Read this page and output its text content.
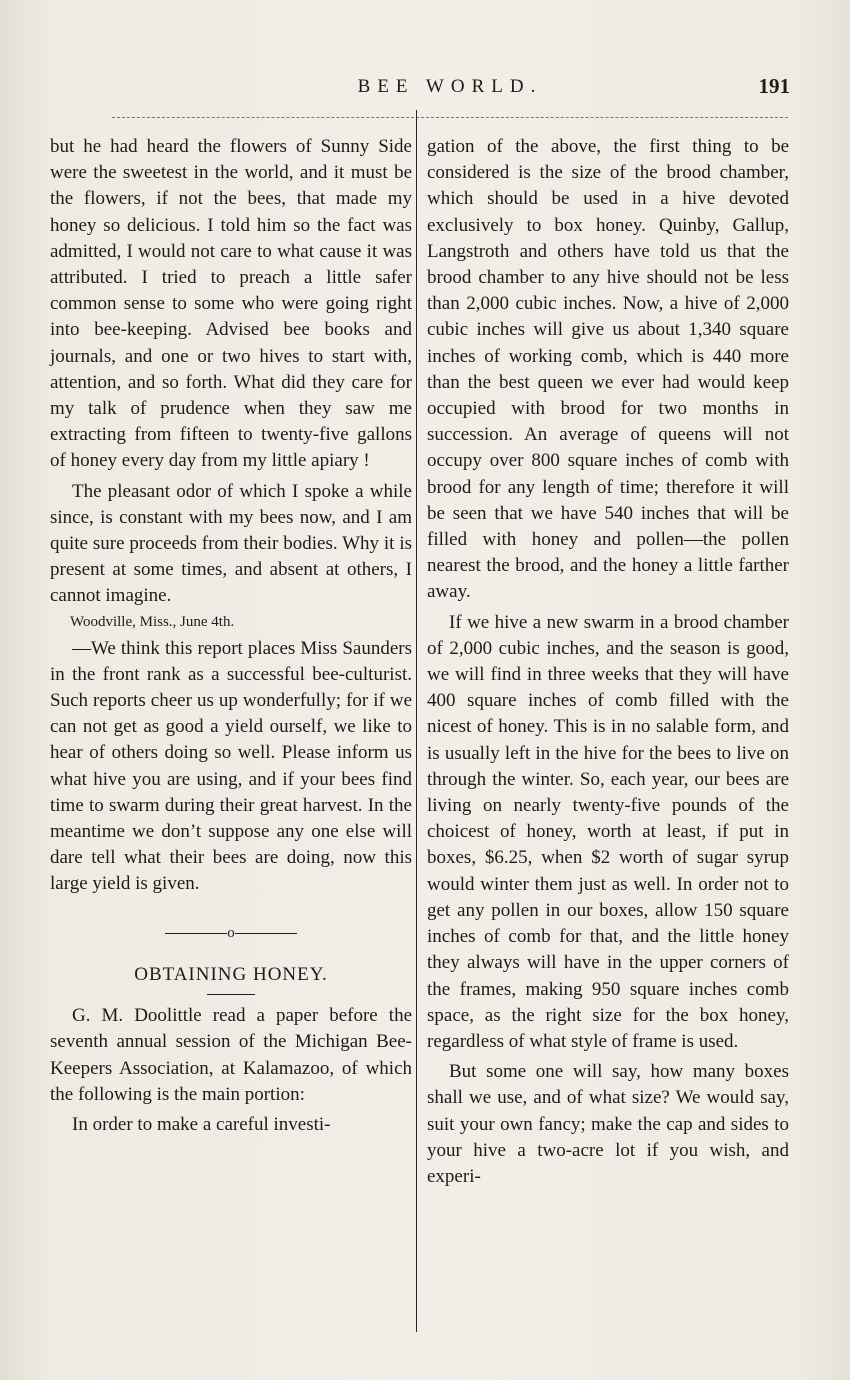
BEE WORLD.	191

but he had heard the flowers of Sunny Side were the sweetest in the world, and it must be the flowers, if not the bees, that made my honey so delicious. I told him so the fact was admitted, I would not care to what cause it was attributed. I tried to preach a little safer common sense to some who were going right into bee-keeping. Advised bee books and journals, and one or two hives to start with, attention, and so forth. What did they care for my talk of prudence when they saw me extracting from fifteen to twenty-five gallons of honey every day from my little apiary !

The pleasant odor of which I spoke a while since, is constant with my bees now, and I am quite sure proceeds from their bodies. Why it is present at some times, and absent at others, I cannot imagine.

Woodville, Miss., June 4th.

—We think this report places Miss Saunders in the front rank as a successful bee-culturist. Such reports cheer us up wonderfully; for if we can not get as good a yield ourself, we like to hear of others doing so well. Please inform us what hive you are using, and if your bees find time to swarm during their great harvest. In the meantime we don’t suppose any one else will dare tell what their bees are doing, now this large yield is given.

o
OBTAINING HONEY.

G. M. Doolittle read a paper before the seventh annual session of the Michigan Bee-Keepers Association, at Kalamazoo, of which the following is the main portion:

In order to make a careful investi-

gation of the above, the first thing to be considered is the size of the brood chamber, which should be used in a hive devoted exclusively to box honey. Quinby, Gallup, Langstroth and others have told us that the brood chamber to any hive should not be less than 2,000 cubic inches. Now, a hive of 2,000 cubic inches will give us about 1,340 square inches of working comb, which is 440 more than the best queen we ever had would keep occupied with brood for two months in succession. An average of queens will not occupy over 800 square inches of comb with brood for any length of time; therefore it will be seen that we have 540 inches that will be filled with honey and pollen—the pollen nearest the brood, and the honey a little farther away.

If we hive a new swarm in a brood chamber of 2,000 cubic inches, and the season is good, we will find in three weeks that they will have 400 square inches of comb filled with the nicest of honey. This is in no salable form, and is usually left in the hive for the bees to live on through the winter. So, each year, our bees are living on nearly twenty-five pounds of the choicest of honey, worth at least, if put in boxes, $6.25, when $2 worth of sugar syrup would winter them just as well. In order not to get any pollen in our boxes, allow 150 square inches of comb for that, and the little honey they always will have in the upper corners of the frames, making 950 square inches comb space, as the right size for the box honey, regardless of what style of frame is used.

But some one will say, how many boxes shall we use, and of what size? We would say, suit your own fancy; make the cap and sides to your hive a two-acre lot if you wish, and experi-
